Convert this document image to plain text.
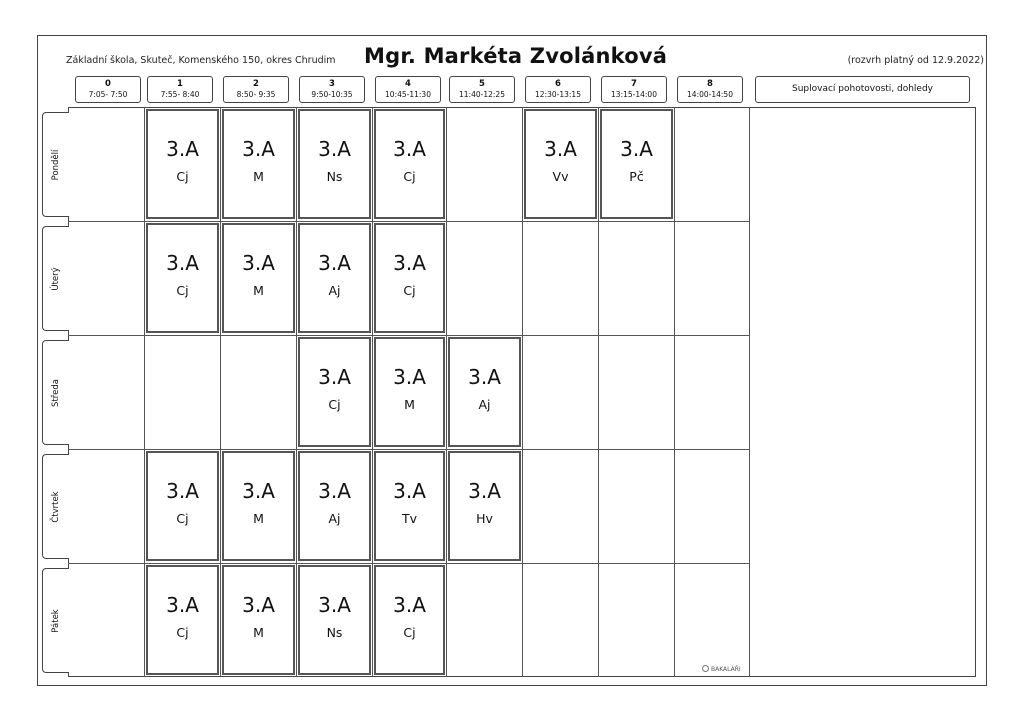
Základní škola, Skuteč, Komenského 150, okres Chrudim Mgr. Markéta Zvolánková	(rozvrh platný od 12.9.2022)
0
7:05- 7:50
1
7:55- 8:40
2
8:50- 9:35
3
9:50-10:35
4
10:45-11:30
5
11:40-12:25
6
12:30-13:15
7
13:15-14:00
8
14:00-14:50
Suplovací pohotovosti, dohledy
Pondělí
Úterý
Středa
Čtvrtek
Pátek
3.A
Cj
3.A
M
3.A
Ns
3.A
Cj
3.A
Vv
3.A
Pč
3.A
Cj
3.A
M
3.A
Aj
3.A
Cj
3.A
Cj
3.A
M
3.A
Aj
3.A
Cj
3.A
M
3.A
Aj
3.A
Tv
3.A
Hv
3.A
Cj
3.A
M
3.A
Ns
3.A
Cj
BAKALÁŘI
